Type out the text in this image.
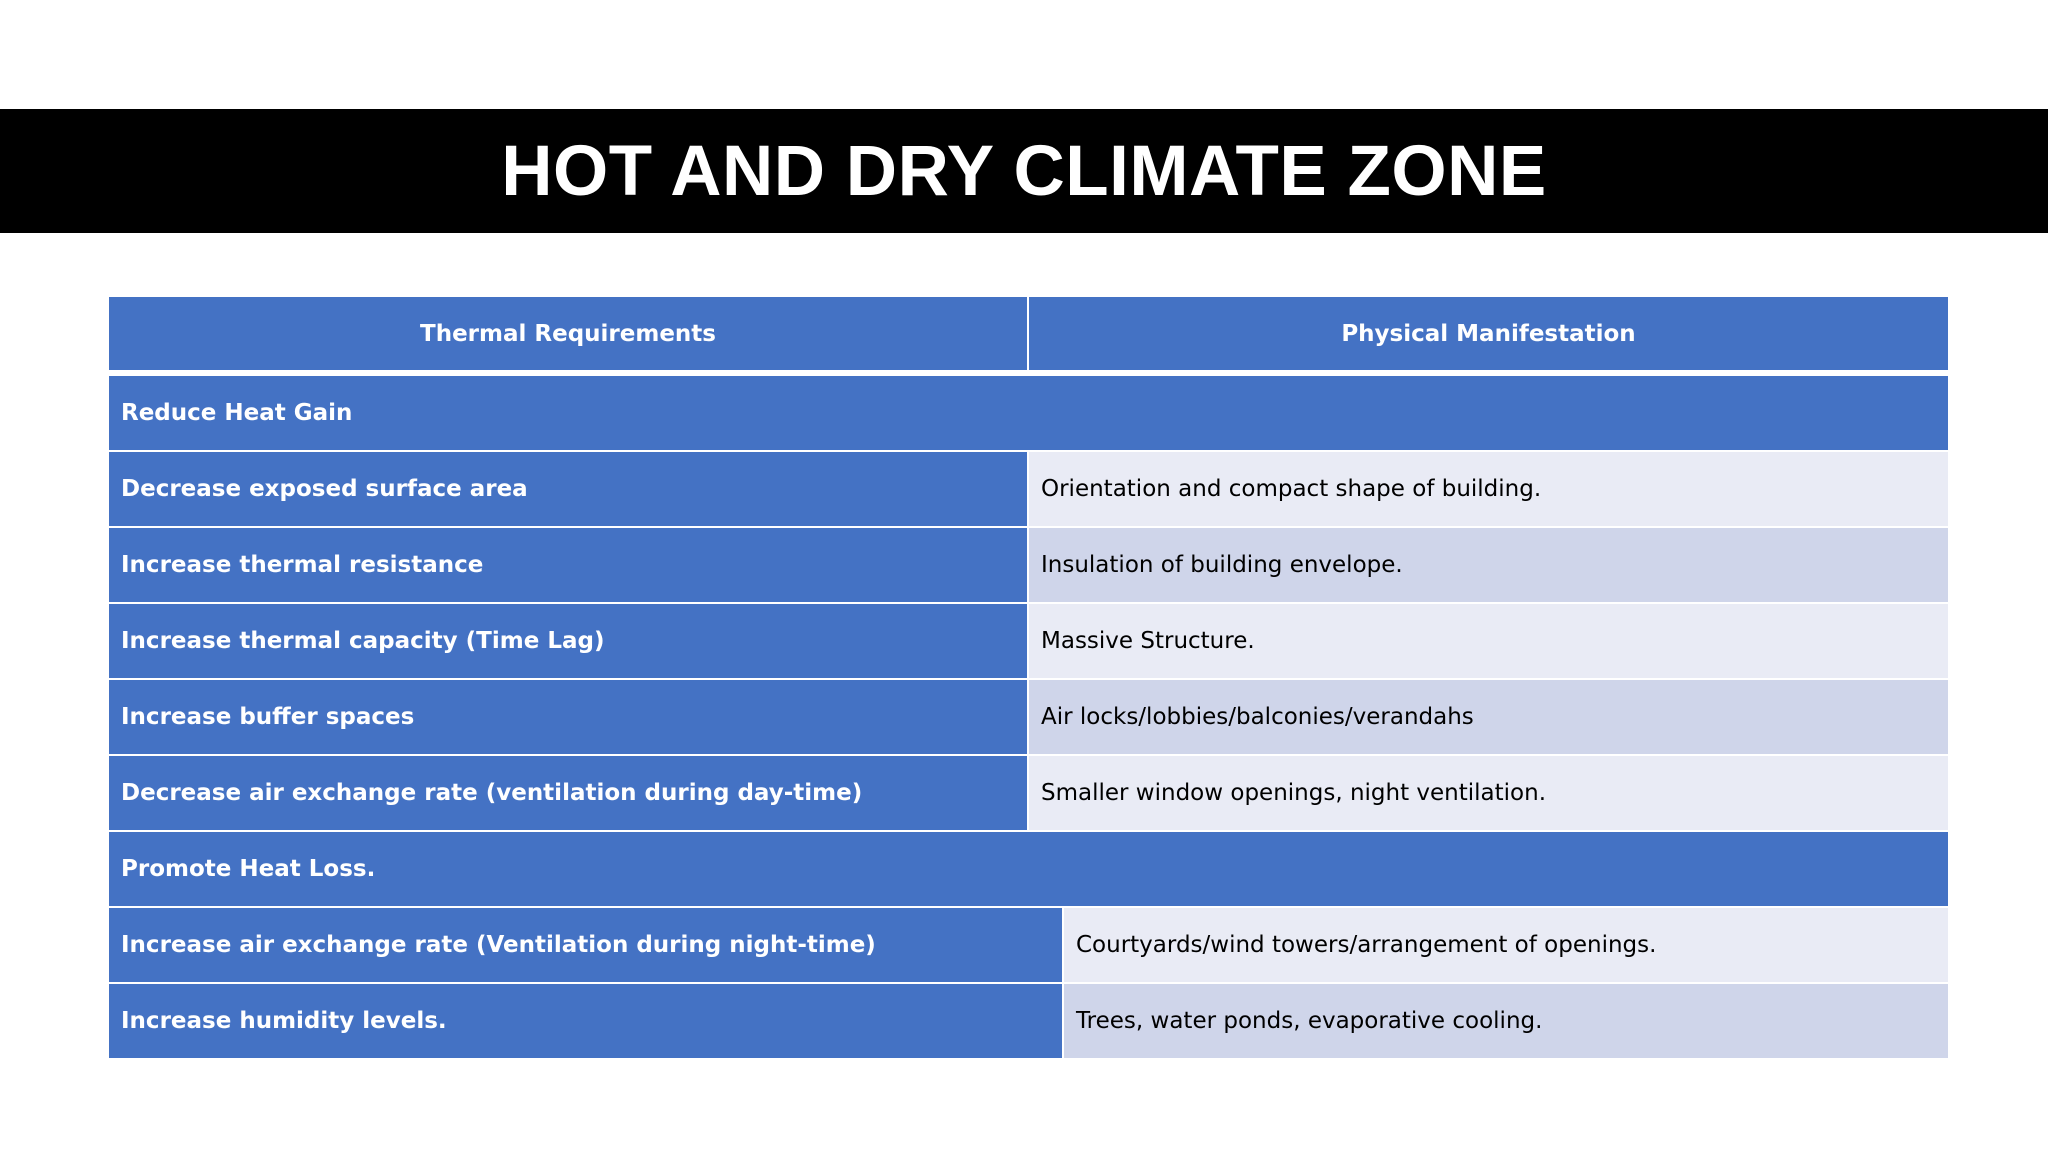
HOT AND DRY CLIMATE ZONE
Thermal Requirements	Physical Manifestation
Reduce Heat Gain
Decrease exposed surface area	Orientation and compact shape of building.
Increase thermal resistance	Insulation of building envelope.
Increase thermal capacity (Time Lag)	Massive Structure.
Increase buffer spaces	Air locks/lobbies/balconies/verandahs
Decrease air exchange rate (ventilation during day-time)	Smaller window openings, night ventilation.
Promote Heat Loss.
Increase air exchange rate (Ventilation during night-time)	Courtyards/wind towers/arrangement of openings.
Increase humidity levels.	Trees, water ponds, evaporative cooling.
